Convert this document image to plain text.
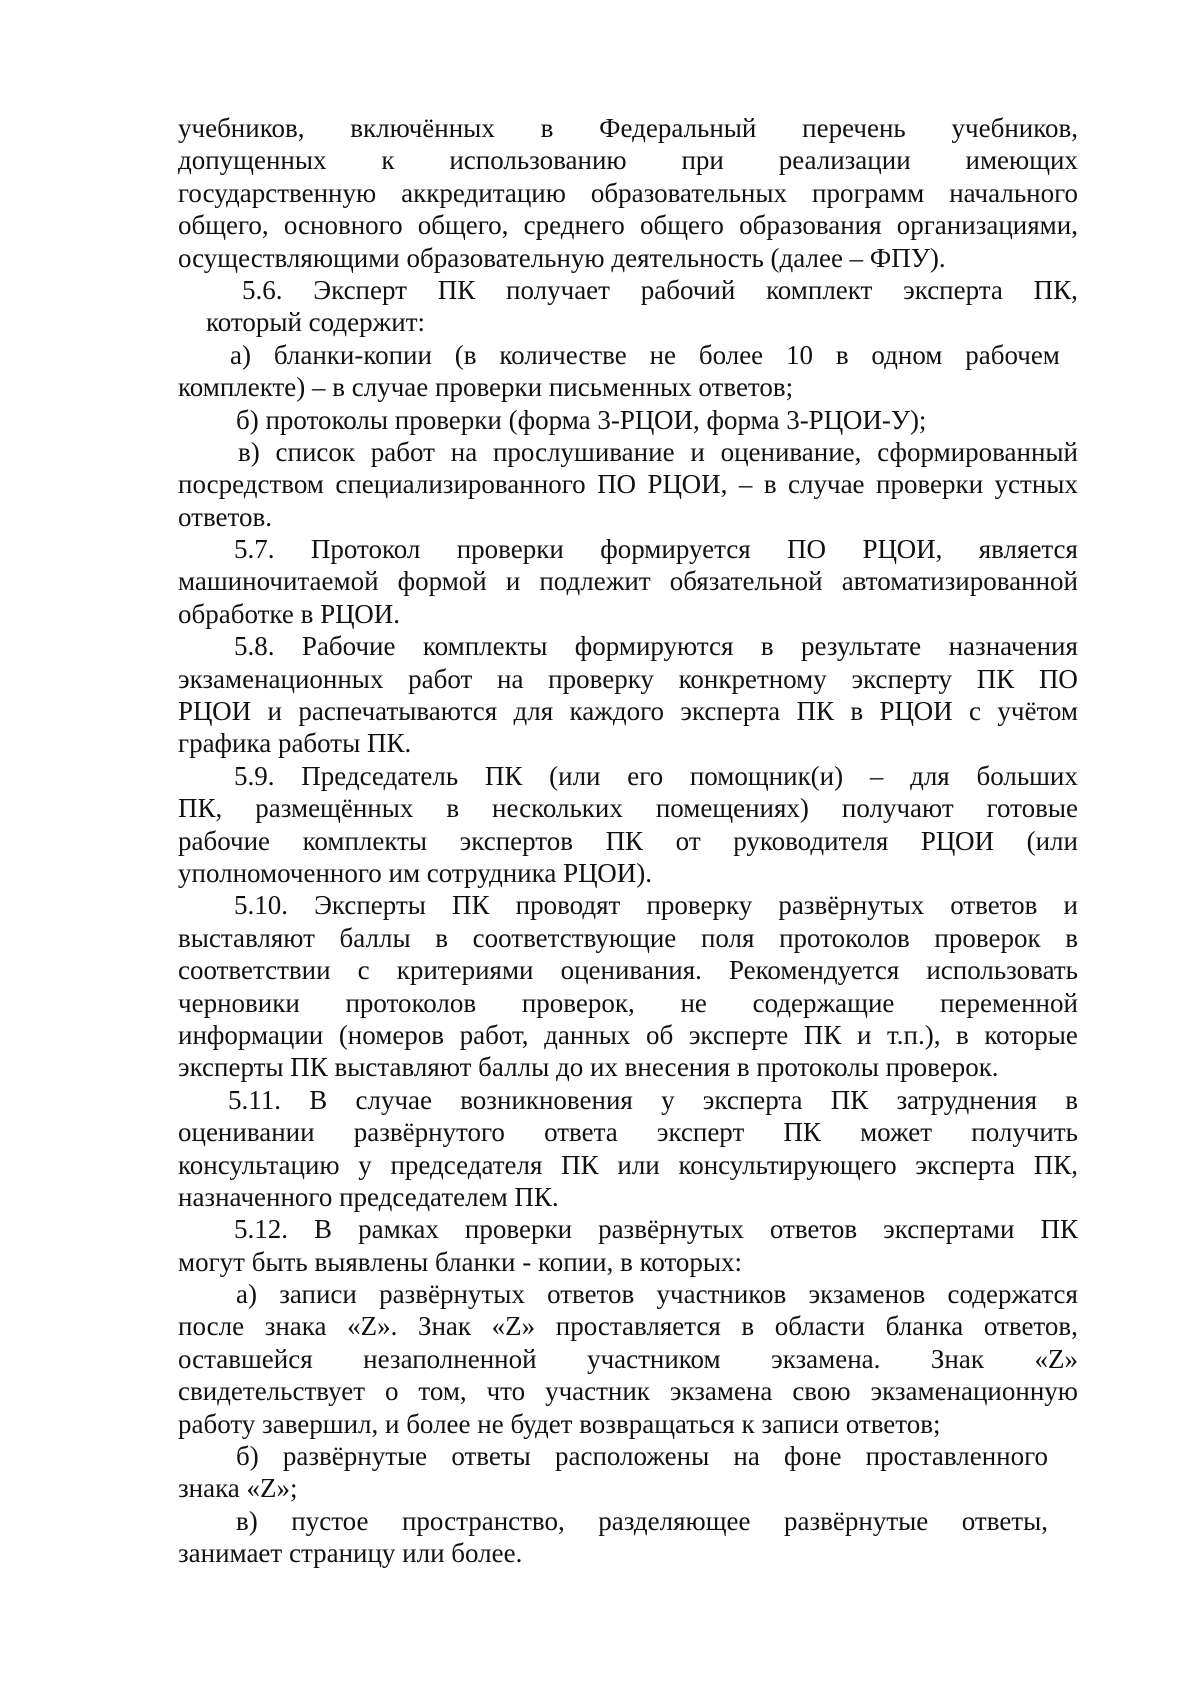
учебников, включённых в Федеральный перечень учебников,
допущенных к использованию при реализации имеющих
государственную аккредитацию образовательных программ начального
общего, основного общего, среднего общего образования организациями,
осуществляющими образовательную деятельность (далее – ФПУ).
5.6. Эксперт ПК получает рабочий комплект эксперта ПК,
который содержит:
а) бланки-копии (в количестве не более 10 в одном рабочем
комплекте) – в случае проверки письменных ответов;
б) протоколы проверки (форма 3-РЦОИ, форма 3-РЦОИ-У);
в) список работ на прослушивание и оценивание, сформированный
посредством специализированного ПО РЦОИ, – в случае проверки устных
ответов.
5.7. Протокол проверки формируется ПО РЦОИ, является
машиночитаемой формой и подлежит обязательной автоматизированной
обработке в РЦОИ.
5.8. Рабочие комплекты формируются в результате назначения
экзаменационных работ на проверку конкретному эксперту ПК ПО
РЦОИ и распечатываются для каждого эксперта ПК в РЦОИ с учётом
графика работы ПК.
5.9. Председатель ПК (или его помощник(и) – для больших
ПК, размещённых в нескольких помещениях) получают готовые
рабочие комплекты экспертов ПК от руководителя РЦОИ (или
уполномоченного им сотрудника РЦОИ).
5.10. Эксперты ПК проводят проверку развёрнутых ответов и
выставляют баллы в соответствующие поля протоколов проверок в
соответствии с критериями оценивания. Рекомендуется использовать
черновики протоколов проверок, не содержащие переменной
информации (номеров работ, данных об эксперте ПК и т.п.), в которые
эксперты ПК выставляют баллы до их внесения в протоколы проверок.
5.11. В случае возникновения у эксперта ПК затруднения в
оценивании развёрнутого ответа эксперт ПК может получить
консультацию у председателя ПК или консультирующего эксперта ПК,
назначенного председателем ПК.
5.12. В рамках проверки развёрнутых ответов экспертами ПК
могут быть выявлены бланки - копии, в которых:
а) записи развёрнутых ответов участников экзаменов содержатся
после знака «Z». Знак «Z» проставляется в области бланка ответов,
оставшейся незаполненной участником экзамена. Знак «Z»
свидетельствует о том, что участник экзамена свою экзаменационную
работу завершил, и более не будет возвращаться к записи ответов;
б) развёрнутые ответы расположены на фоне проставленного
знака «Z»;
в) пустое пространство, разделяющее развёрнутые ответы,
занимает страницу или более.
